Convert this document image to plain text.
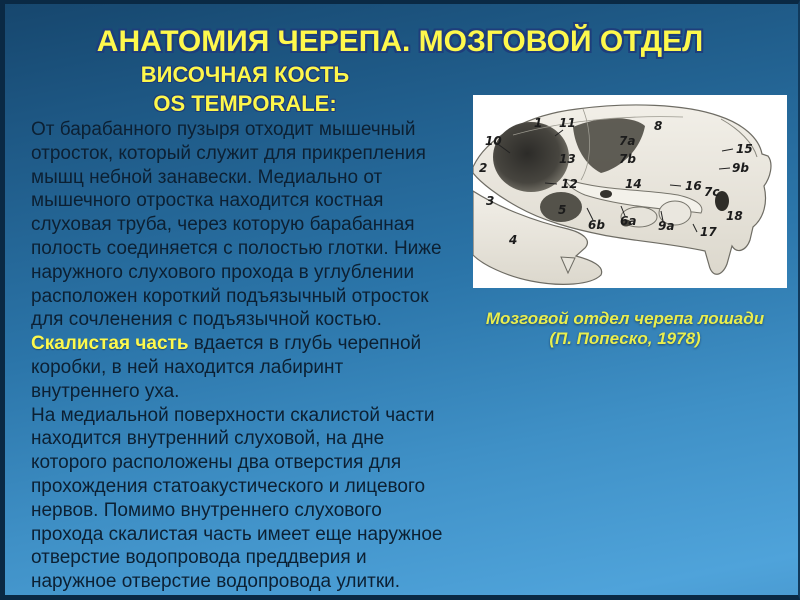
АНАТОМИЯ ЧЕРЕПА. МОЗГОВОЙ ОТДЕЛ
ВИСОЧНАЯ КОСТЬ
OS TEMPORALE:
От барабанного пузыря отходит мышечный
отросток, который служит для прикрепления
мышц небной занавески. Медиально от
мышечного отростка находится костная
слуховая труба, через которую барабанная
полость соединяется с полостью глотки. Ниже
наружного слухового прохода в углублении
расположен короткий подъязычный отросток
для сочленения с подъязычной костью.
Скалистая часть вдается в глубь черепной
коробки, в ней находится лабиринт
внутреннего уха.
На медиальной поверхности скалистой части
находится внутренний слуховой, на дне
которого расположены два отверстия для
прохождения статоакустического и лицевого
нервов. Помимо внутреннего слухового
прохода скалистая часть имеет еще наружное
отверстие водопровода преддверия и
наружное отверстие водопровода улитки.
1 11	8
10	7a
15
13	7b
2	9b
12	14	16 7c
3
5
6b 6a 9a
18
4
17
Мозговой отдел черепа лошади
(П. Попеско, 1978)
